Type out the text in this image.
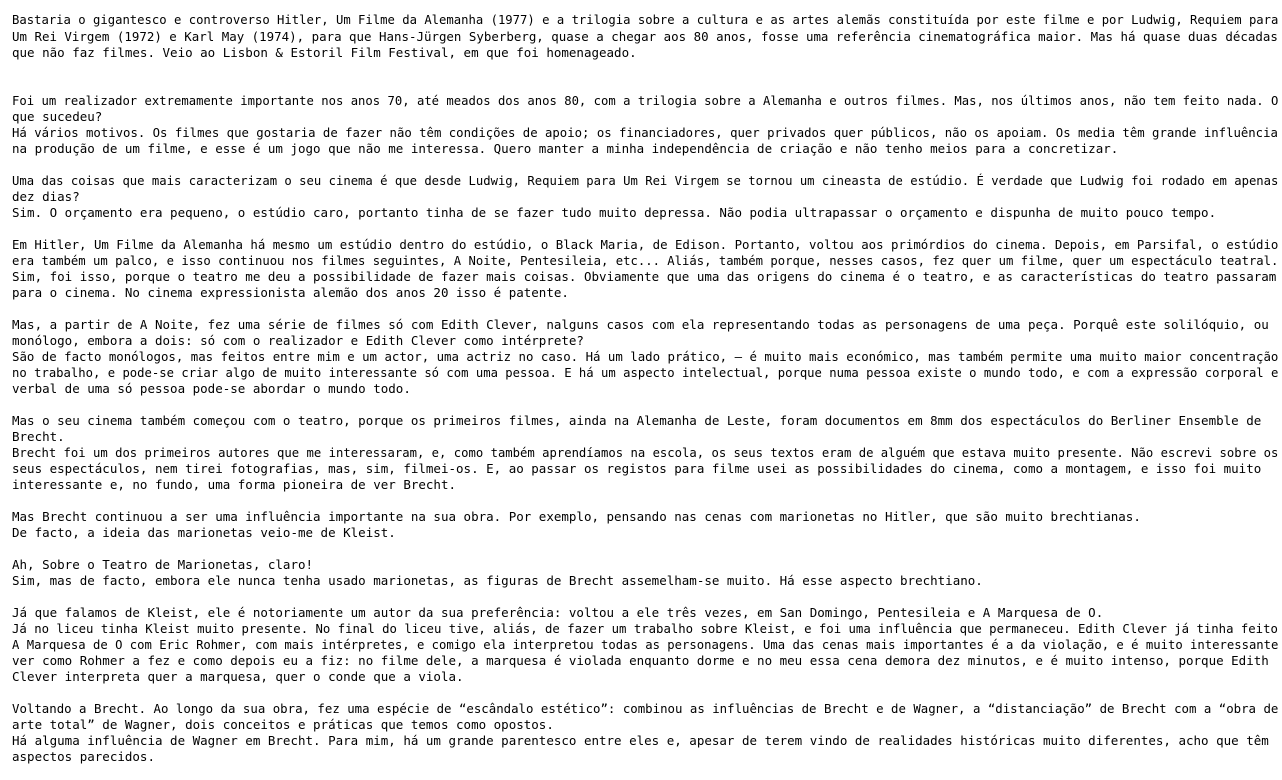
Bastaria o gigantesco e controverso Hitler, Um Filme da Alemanha (1977) e a trilogia sobre a cultura e as artes alemãs constituída por este filme e por Ludwig, Requiem para
Um Rei Virgem (1972) e Karl May (1974), para que Hans-Jürgen Syberberg, quase a chegar aos 80 anos, fosse uma referência cinematográfica maior. Mas há quase duas décadas
que não faz filmes. Veio ao Lisbon & Estoril Film Festival, em que foi homenageado.
Foi um realizador extremamente importante nos anos 70, até meados dos anos 80, com a trilogia sobre a Alemanha e outros filmes. Mas, nos últimos anos, não tem feito nada. O
que sucedeu?
Há vários motivos. Os filmes que gostaria de fazer não têm condições de apoio; os financiadores, quer privados quer públicos, não os apoiam. Os media têm grande influência
na produção de um filme, e esse é um jogo que não me interessa. Quero manter a minha independência de criação e não tenho meios para a concretizar.
Uma das coisas que mais caracterizam o seu cinema é que desde Ludwig, Requiem para Um Rei Virgem se tornou um cineasta de estúdio. É verdade que Ludwig foi rodado em apenas
dez dias?
Sim. O orçamento era pequeno, o estúdio caro, portanto tinha de se fazer tudo muito depressa. Não podia ultrapassar o orçamento e dispunha de muito pouco tempo.
Em Hitler, Um Filme da Alemanha há mesmo um estúdio dentro do estúdio, o Black Maria, de Edison. Portanto, voltou aos primórdios do cinema. Depois, em Parsifal, o estúdio
era também um palco, e isso continuou nos filmes seguintes, A Noite, Pentesileia, etc... Aliás, também porque, nesses casos, fez quer um filme, quer um espectáculo teatral.
Sim, foi isso, porque o teatro me deu a possibilidade de fazer mais coisas. Obviamente que uma das origens do cinema é o teatro, e as características do teatro passaram
para o cinema. No cinema expressionista alemão dos anos 20 isso é patente.
Mas, a partir de A Noite, fez uma série de filmes só com Edith Clever, nalguns casos com ela representando todas as personagens de uma peça. Porquê este solilóquio, ou
monólogo, embora a dois: só com o realizador e Edith Clever como intérprete?
São de facto monólogos, mas feitos entre mim e um actor, uma actriz no caso. Há um lado prático, – é muito mais económico, mas também permite uma muito maior concentração
no trabalho, e pode-se criar algo de muito interessante só com uma pessoa. E há um aspecto intelectual, porque numa pessoa existe o mundo todo, e com a expressão corporal e
verbal de uma só pessoa pode-se abordar o mundo todo.
Mas o seu cinema também começou com o teatro, porque os primeiros filmes, ainda na Alemanha de Leste, foram documentos em 8mm dos espectáculos do Berliner Ensemble de
Brecht.
Brecht foi um dos primeiros autores que me interessaram, e, como também aprendíamos na escola, os seus textos eram de alguém que estava muito presente. Não escrevi sobre os
seus espectáculos, nem tirei fotografias, mas, sim, filmei-os. E, ao passar os registos para filme usei as possibilidades do cinema, como a montagem, e isso foi muito
interessante e, no fundo, uma forma pioneira de ver Brecht.
Mas Brecht continuou a ser uma influência importante na sua obra. Por exemplo, pensando nas cenas com marionetas no Hitler, que são muito brechtianas.
De facto, a ideia das marionetas veio-me de Kleist.
Ah, Sobre o Teatro de Marionetas, claro!
Sim, mas de facto, embora ele nunca tenha usado marionetas, as figuras de Brecht assemelham-se muito. Há esse aspecto brechtiano.
Já que falamos de Kleist, ele é notoriamente um autor da sua preferência: voltou a ele três vezes, em San Domingo, Pentesileia e A Marquesa de O.
Já no liceu tinha Kleist muito presente. No final do liceu tive, aliás, de fazer um trabalho sobre Kleist, e foi uma influência que permaneceu. Edith Clever já tinha feito
A Marquesa de O com Eric Rohmer, com mais intérpretes, e comigo ela interpretou todas as personagens. Uma das cenas mais importantes é a da violação, e é muito interessante
ver como Rohmer a fez e como depois eu a fiz: no filme dele, a marquesa é violada enquanto dorme e no meu essa cena demora dez minutos, e é muito intenso, porque Edith
Clever interpreta quer a marquesa, quer o conde que a viola.
Voltando a Brecht. Ao longo da sua obra, fez uma espécie de “escândalo estético”: combinou as influências de Brecht e de Wagner, a “distanciação” de Brecht com a “obra de
arte total” de Wagner, dois conceitos e práticas que temos como opostos.
Há alguma influência de Wagner em Brecht. Para mim, há um grande parentesco entre eles e, apesar de terem vindo de realidades históricas muito diferentes, acho que têm
aspectos parecidos.
